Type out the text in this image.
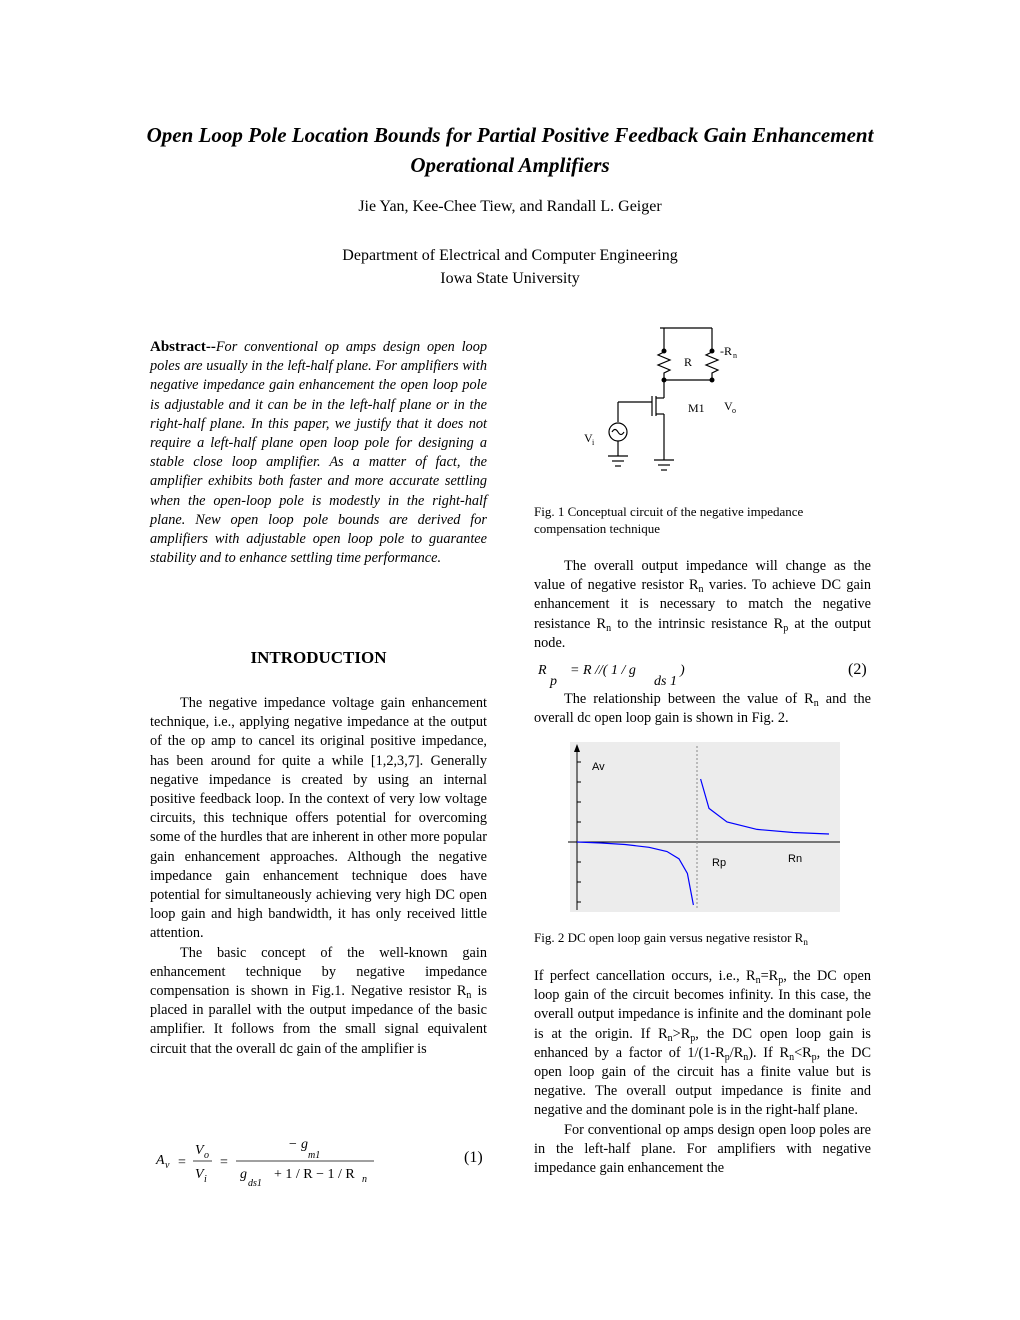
Open Loop Pole Location Bounds for Partial Positive Feedback Gain Enhancement Operational Amplifiers
Jie Yan, Kee-Chee Tiew, and Randall L. Geiger
Department of Electrical and Computer Engineering
Iowa State University
Abstract--For conventional op amps design open loop poles are usually in the left-half plane. For amplifiers with negative impedance gain enhancement the open loop pole is adjustable and it can be in the left-half plane or in the right-half plane. In this paper, we justify that it does not require a left-half plane open loop pole for designing a stable close loop amplifier. As a matter of fact, the amplifier exhibits both faster and more accurate settling when the open-loop pole is modestly in the right-half plane. New open loop pole bounds are derived for amplifiers with adjustable open loop pole to guarantee stability and to enhance settling time performance.
INTRODUCTION

The negative impedance voltage gain enhancement technique, i.e., applying negative impedance at the output of the op amp to cancel its original positive impedance, has been around for quite a while [1,2,3,7]. Generally negative impedance is created by using an internal positive feedback loop. In the context of very low voltage circuits, this technique offers potential for overcoming some of the hurdles that are inherent in other more popular gain enhancement approaches. Although the negative impedance gain enhancement technique does have potential for simultaneously achieving very high DC open loop gain and high bandwidth, it has only received little attention.

The basic concept of the well-known gain enhancement technique by negative impedance compensation is shown in Fig.1. Negative resistor $R_n$ is placed in parallel with the output impedance of the basic amplifier. It follows from the small signal equivalent circuit that the overall dc gain of the amplifier is

A v =
V o
V i
=
− g
m1
g
ds1
+ 1 / R − 1 / R n
(1)
-R n
R
M1 V o
V i
Fig. 1 Conceptual circuit of the negative impedance compensation technique

The overall output impedance will change as the value of negative resistor $R_n$ varies. To achieve DC gain enhancement it is necessary to match the negative resistance $R_n$ to the intrinsic resistance $R_p$ at the output node.

R
p
= R //( 1 / g
ds 1
)	(2)

The relationship between the value of $R_n$ and the overall dc open loop gain is shown in Fig. 2.

Av
Rp	Rn
Fig. 2 DC open loop gain versus negative resistor $R_n$

If perfect cancellation occurs, i.e., $R_n=R_p$, the DC open loop gain of the circuit becomes infinity. In this case, the overall output impedance is infinite and the dominant pole is at the origin. If $R_n>R_p$, the DC open loop gain is enhanced by a factor of $1/(1-R_p/R_n)$. If $R_n<R_p$, the DC open loop gain of the circuit has a finite value but is negative. The overall output impedance is finite and negative and the dominant pole is in the right-half plane.

For conventional op amps design open loop poles are in the left-half plane. For amplifiers with negative impedance gain enhancement the
